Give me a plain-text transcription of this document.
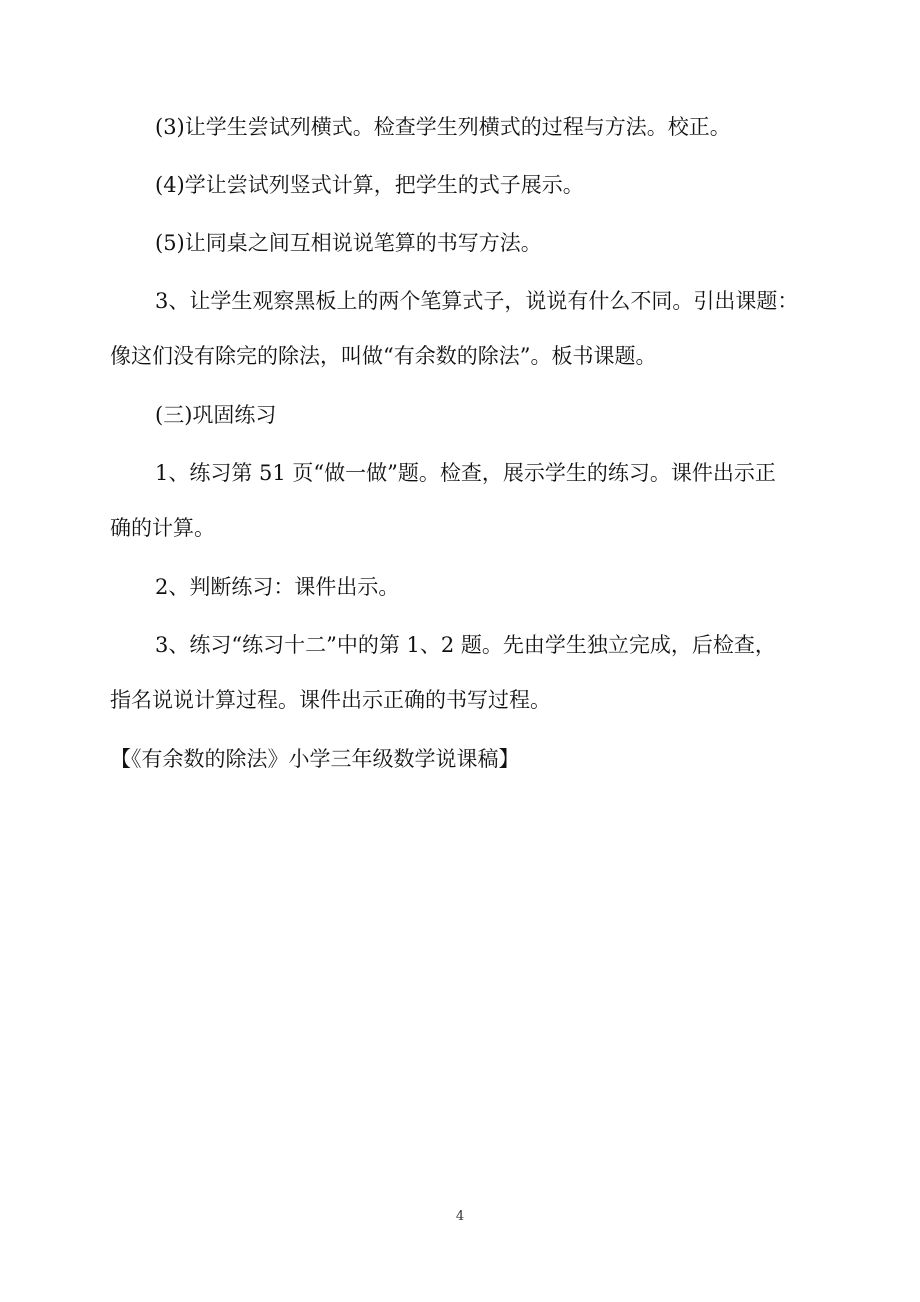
(3)让学生尝试列横式。检查学生列横式的过程与方法。校正。
(4)学让尝试列竖式计算，把学生的式子展示。
(5)让同桌之间互相说说笔算的书写方法。
3、让学生观察黑板上的两个笔算式子，说说有什么不同。引出课题：
像这们没有除完的除法，叫做“有余数的除法”。板书课题。
(三)巩固练习
1、练习第 51 页“做一做”题。检查，展示学生的练习。课件出示正
确的计算。
2、判断练习：课件出示。
3、练习“练习十二”中的第 1、2 题。先由学生独立完成，后检查，
指名说说计算过程。课件出示正确的书写过程。
【《有余数的除法》小学三年级数学说课稿】
4
